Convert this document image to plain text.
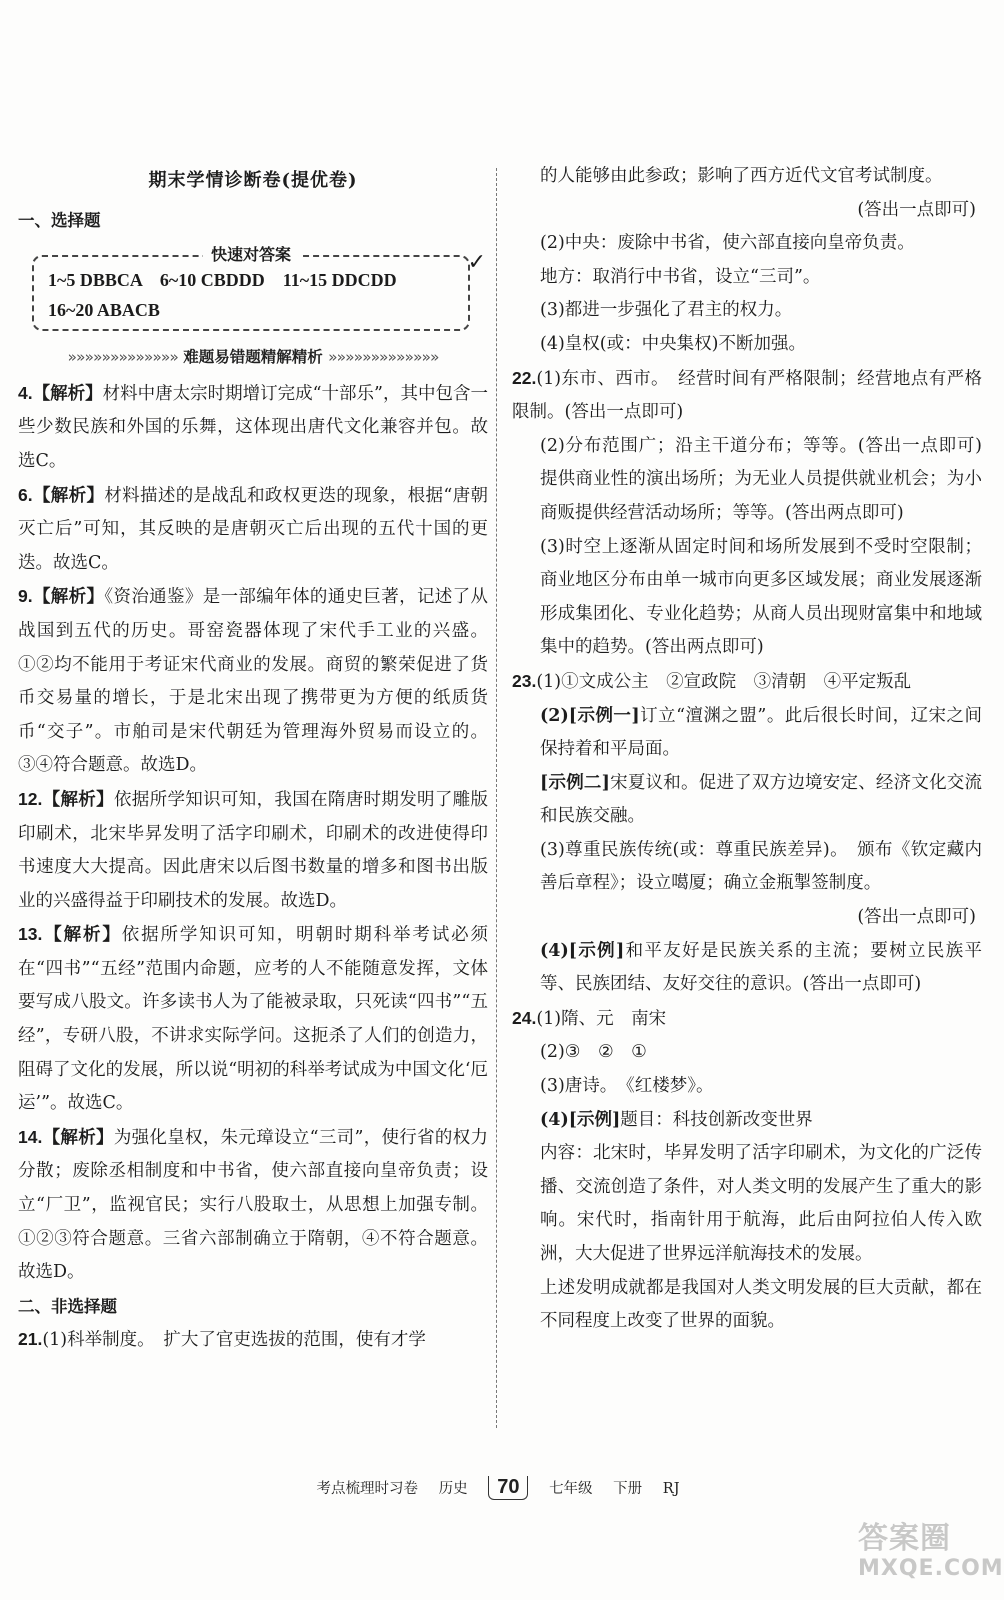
期末学情诊断卷(提优卷)
一、选择题
快速对答案	✓
1~5 DBBCA    6~10 CBDDD    11~15 DDCDD
16~20 ABACB
»»»»»»»»»»»»» 难题易错题精解精析 »»»»»»»»»»»»»
4.【解析】材料中唐太宗时期增订完成“十部乐”，其中包含一些少数民族和外国的乐舞，这体现出唐代文化兼容并包。故选C。
6.【解析】材料描述的是战乱和政权更迭的现象，根据“唐朝灭亡后”可知，其反映的是唐朝灭亡后出现的五代十国的更迭。故选C。
9.【解析】《资治通鉴》是一部编年体的通史巨著，记述了从战国到五代的历史。哥窑瓷器体现了宋代手工业的兴盛。①②均不能用于考证宋代商业的发展。商贸的繁荣促进了货币交易量的增长，于是北宋出现了携带更为方便的纸质货币“交子”。市舶司是宋代朝廷为管理海外贸易而设立的。③④符合题意。故选D。
12.【解析】依据所学知识可知，我国在隋唐时期发明了雕版印刷术，北宋毕昇发明了活字印刷术，印刷术的改进使得印书速度大大提高。因此唐宋以后图书数量的增多和图书出版业的兴盛得益于印刷技术的发展。故选D。
13.【解析】依据所学知识可知，明朝时期科举考试必须在“四书”“五经”范围内命题，应考的人不能随意发挥，文体要写成八股文。许多读书人为了能被录取，只死读“四书”“五经”，专研八股，不讲求实际学问。这扼杀了人们的创造力，阻碍了文化的发展，所以说“明初的科举考试成为中国文化‘厄运’”。故选C。
14.【解析】为强化皇权，朱元璋设立“三司”，使行省的权力分散；废除丞相制度和中书省，使六部直接向皇帝负责；设立“厂卫”，监视官民；实行八股取士，从思想上加强专制。①②③符合题意。三省六部制确立于隋朝，④不符合题意。故选D。
二、非选择题
21.(1)科举制度。　扩大了官吏选拔的范围，使有才学
的人能够由此参政；影响了西方近代文官考试制度。
(答出一点即可)
(2)中央：废除中书省，使六部直接向皇帝负责。
地方：取消行中书省，设立“三司”。
(3)都进一步强化了君主的权力。
(4)皇权(或：中央集权)不断加强。
22.(1)东市、西市。　经营时间有严格限制；经营地点有严格限制。(答出一点即可)
(2)分布范围广；沿主干道分布；等等。(答出一点即可)　提供商业性的演出场所；为无业人员提供就业机会；为小商贩提供经营活动场所；等等。(答出两点即可)
(3)时空上逐渐从固定时间和场所发展到不受时空限制；商业地区分布由单一城市向更多区域发展；商业发展逐渐形成集团化、专业化趋势；从商人员出现财富集中和地域集中的趋势。(答出两点即可)
23.(1)①文成公主　②宣政院　③清朝　④平定叛乱
(2)[示例一]订立“澶渊之盟”。此后很长时间，辽宋之间保持着和平局面。
[示例二]宋夏议和。促进了双方边境安定、经济文化交流和民族交融。
(3)尊重民族传统(或：尊重民族差异)。　颁布《钦定藏内善后章程》；设立噶厦；确立金瓶掣签制度。
(答出一点即可)
(4)[示例]和平友好是民族关系的主流；要树立民族平等、民族团结、友好交往的意识。(答出一点即可)
24.(1)隋、元　南宋
(2)③　②　①
(3)唐诗。　《红楼梦》。
(4)[示例]题目：科技创新改变世界
内容：北宋时，毕昇发明了活字印刷术，为文化的广泛传播、交流创造了条件，对人类文明的发展产生了重大的影响。宋代时，指南针用于航海，此后由阿拉伯人传入欧洲，大大促进了世界远洋航海技术的发展。
上述发明成就都是我国对人类文明发展的巨大贡献，都在不同程度上改变了世界的面貌。
考点梳理时习卷 历史 70 七年级 下册 RJ
答案圈
MXQE.COM
